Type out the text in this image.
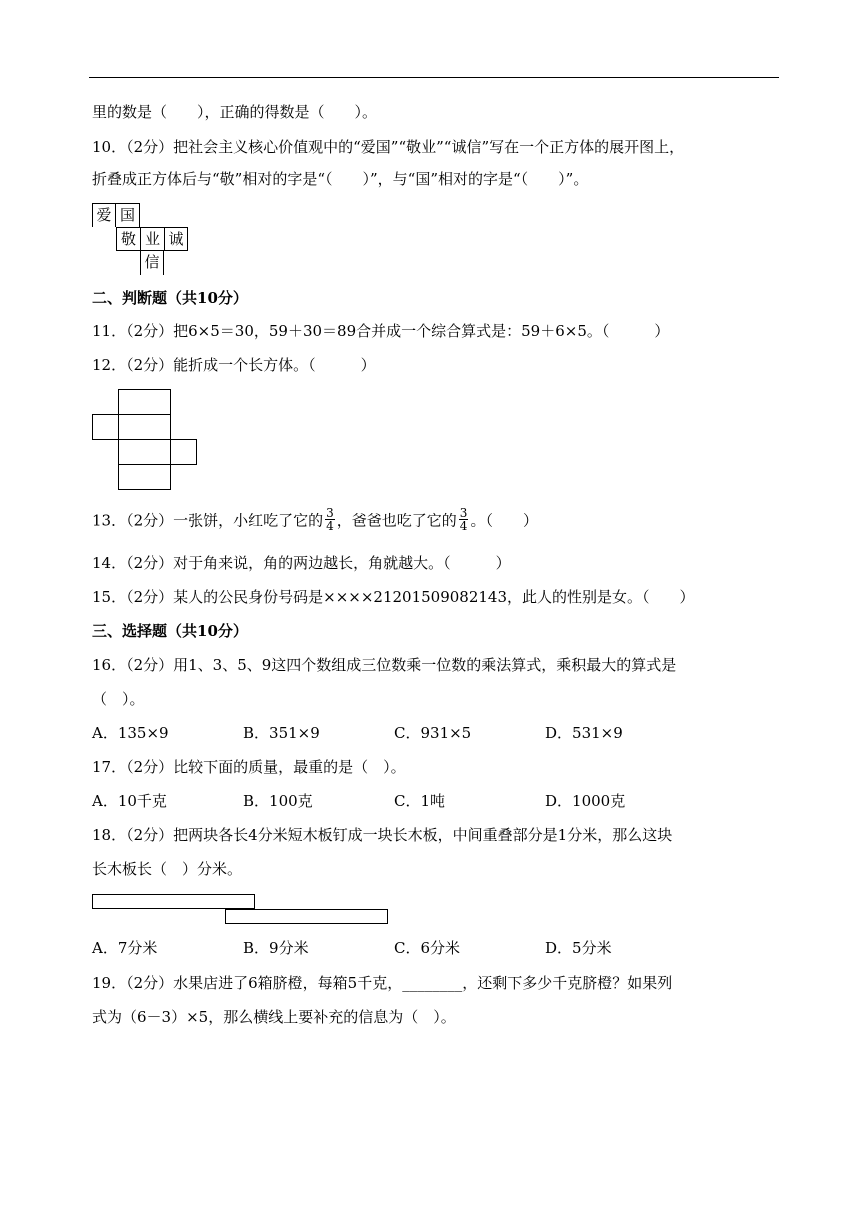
里的数是（　　），正确的得数是（　　）。
10．（2分）把社会主义核心价值观中的“爱国”“敬业”“诚信”写在一个正方体的展开图上，
折叠成正方体后与“敬”相对的字是“（　　）”，与“国”相对的字是“（　　）”。
爱 国
敬 业 诚
信
二、判断题（共10分）
11．（2分）把6×5＝30，59＋30＝89合并成一个综合算式是：59＋6×5。（　　　）
12．（2分）能折成一个长方体。（　　　）
13．（2分）一张饼，小红吃了它的 $\frac{3}{4}$ ，爸爸也吃了它的 $\frac{3}{4}$ 。（　　）
14．（2分）对于角来说，角的两边越长，角就越大。（　　　）
15．（2分）某人的公民身份号码是××××21201509082143，此人的性别是女。（　　）
三、选择题（共10分）
16．（2分）用1、3、5、9这四个数组成三位数乘一位数的乘法算式，乘积最大的算式是
（　）。
A．135×9	B．351×9	C．931×5	D．531×9
17．（2分）比较下面的质量，最重的是（　）。
A．10千克	B．100克	C．1吨	D．1000克
18．（2分）把两块各长4分米短木板钉成一块长木板，中间重叠部分是1分米，那么这块
长木板长（　）分米。
A．7分米	B．9分米	C．6分米	D．5分米
19．（2分）水果店进了6箱脐橙，每箱5千克，________，还剩下多少千克脐橙？如果列
式为（6－3）×5，那么横线上要补充的信息为（　）。
